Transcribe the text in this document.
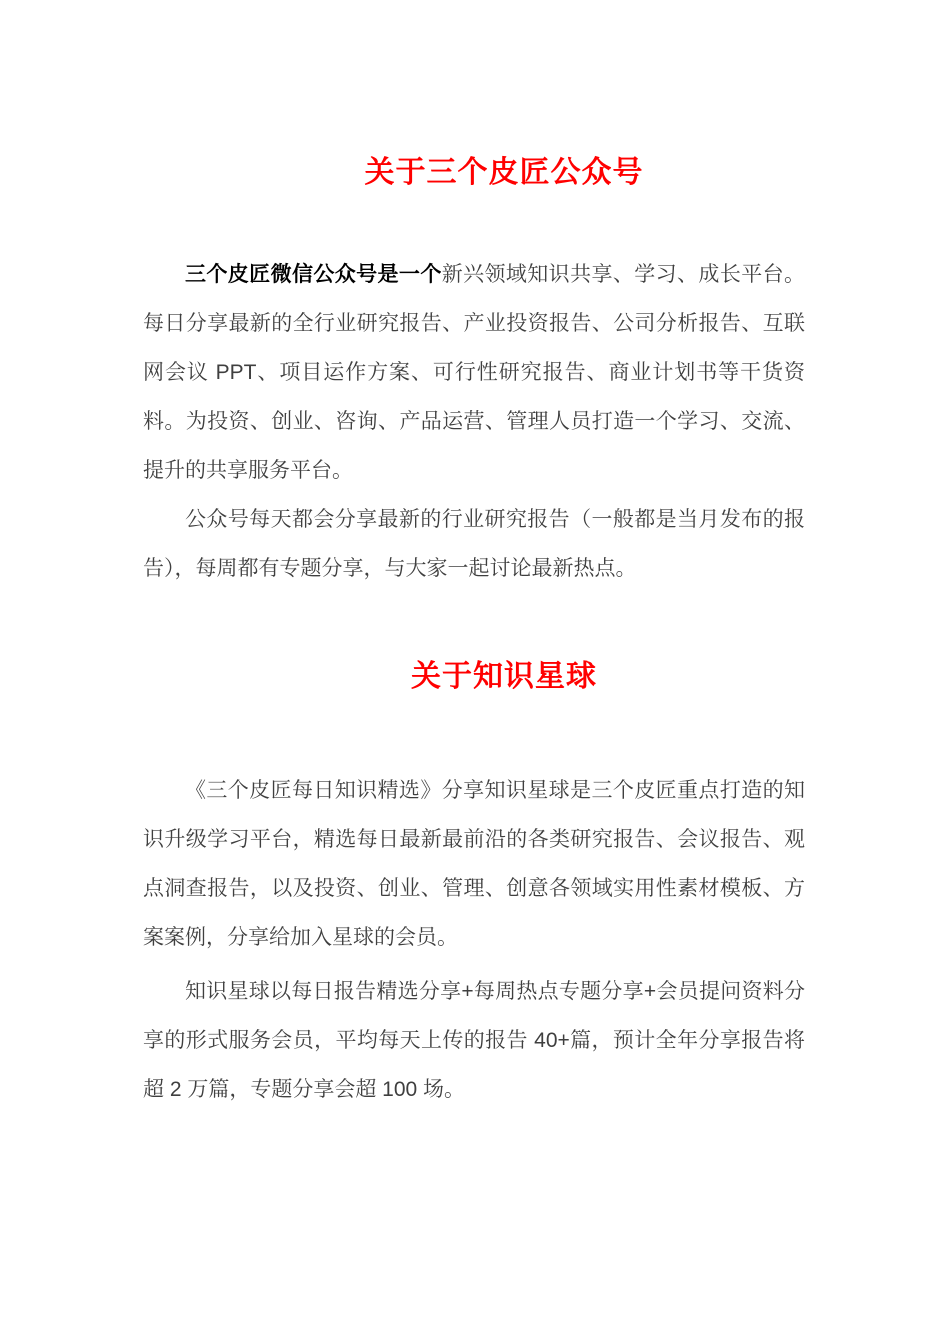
关于三个皮匠公众号

三个皮匠微信公众号是一个新兴领域知识共享、学习、成长平台。每日分享最新的全行业研究报告、产业投资报告、公司分析报告、互联网会议 PPT、项目运作方案、可行性研究报告、商业计划书等干货资料。为投资、创业、咨询、产品运营、管理人员打造一个学习、交流、提升的共享服务平台。

公众号每天都会分享最新的行业研究报告（一般都是当月发布的报告），每周都有专题分享，与大家一起讨论最新热点。

关于知识星球

《三个皮匠每日知识精选》分享知识星球是三个皮匠重点打造的知识升级学习平台，精选每日最新最前沿的各类研究报告、会议报告、观点洞查报告，以及投资、创业、管理、创意各领域实用性素材模板、方案案例，分享给加入星球的会员。

知识星球以每日报告精选分享+每周热点专题分享+会员提问资料分享的形式服务会员，平均每天上传的报告 40+篇，预计全年分享报告将超 2 万篇，专题分享会超 100 场。
